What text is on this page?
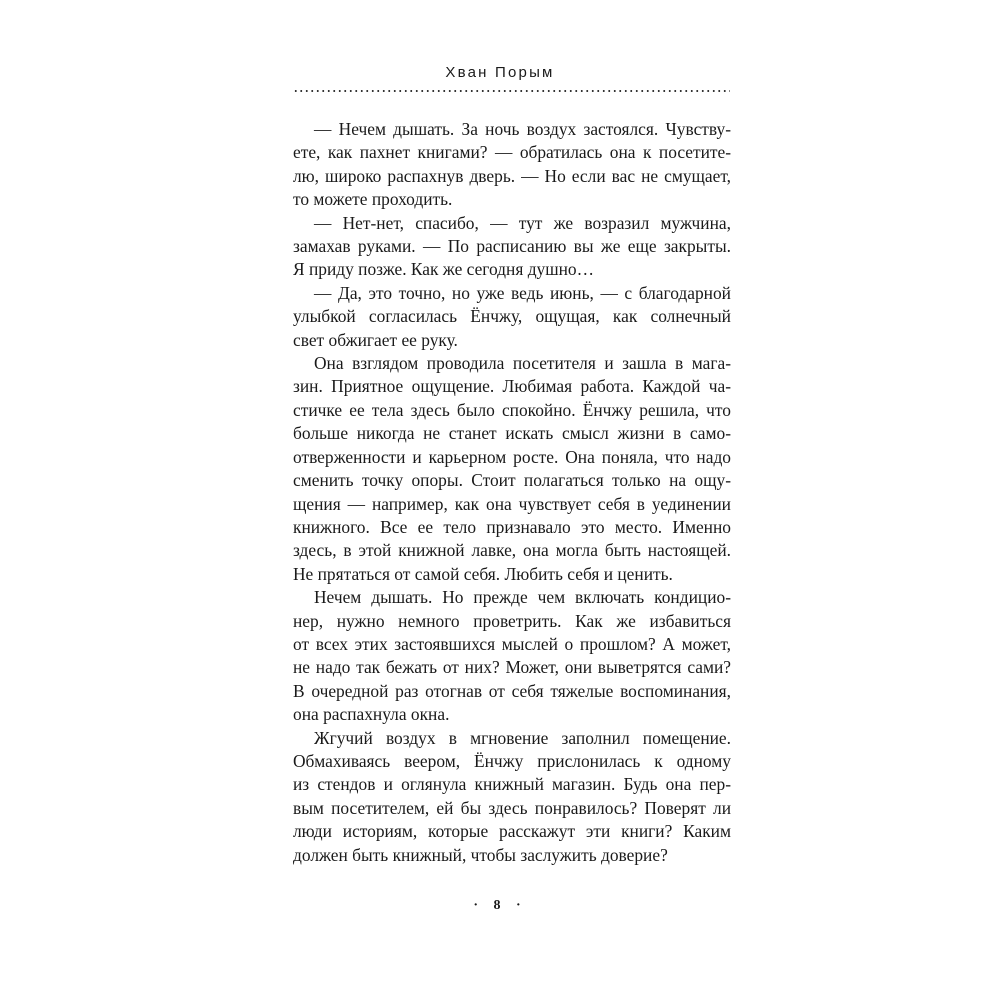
Хван Порым
— Нечем дышать. За ночь воздух застоялся. Чувству-
ете, как пахнет книгами? — обратилась она к посетите-
лю, широко распахнув дверь. — Но если вас не смущает,
то можете проходить.
— Нет-нет, спасибо, — тут же возразил мужчина,
замахав руками. — По расписанию вы же еще закрыты.
Я приду позже. Как же сегодня душно…
— Да, это точно, но уже ведь июнь, — с благодарной
улыбкой согласилась Ёнчжу, ощущая, как солнечный
свет обжигает ее руку.
Она взглядом проводила посетителя и зашла в мага-
зин. Приятное ощущение. Любимая работа. Каждой ча-
стичке ее тела здесь было спокойно. Ёнчжу решила, что
больше никогда не станет искать смысл жизни в само-
отверженности и карьерном росте. Она поняла, что надо
сменить точку опоры. Стоит полагаться только на ощу-
щения — например, как она чувствует себя в уединении
книжного. Все ее тело признавало это место. Именно
здесь, в этой книжной лавке, она могла быть настоящей.
Не прятаться от самой себя. Любить себя и ценить.
Нечем дышать. Но прежде чем включать кондицио-
нер, нужно немного проветрить. Как же избавиться
от всех этих застоявшихся мыслей о прошлом? А может,
не надо так бежать от них? Может, они выветрятся сами?
В очередной раз отогнав от себя тяжелые воспоминания,
она распахнула окна.
Жгучий воздух в мгновение заполнил помещение.
Обмахиваясь веером, Ёнчжу прислонилась к одному
из стендов и оглянула книжный магазин. Будь она пер-
вым посетителем, ей бы здесь понравилось? Поверят ли
люди историям, которые расскажут эти книги? Каким
должен быть книжный, чтобы заслужить доверие?
· 8 ·
